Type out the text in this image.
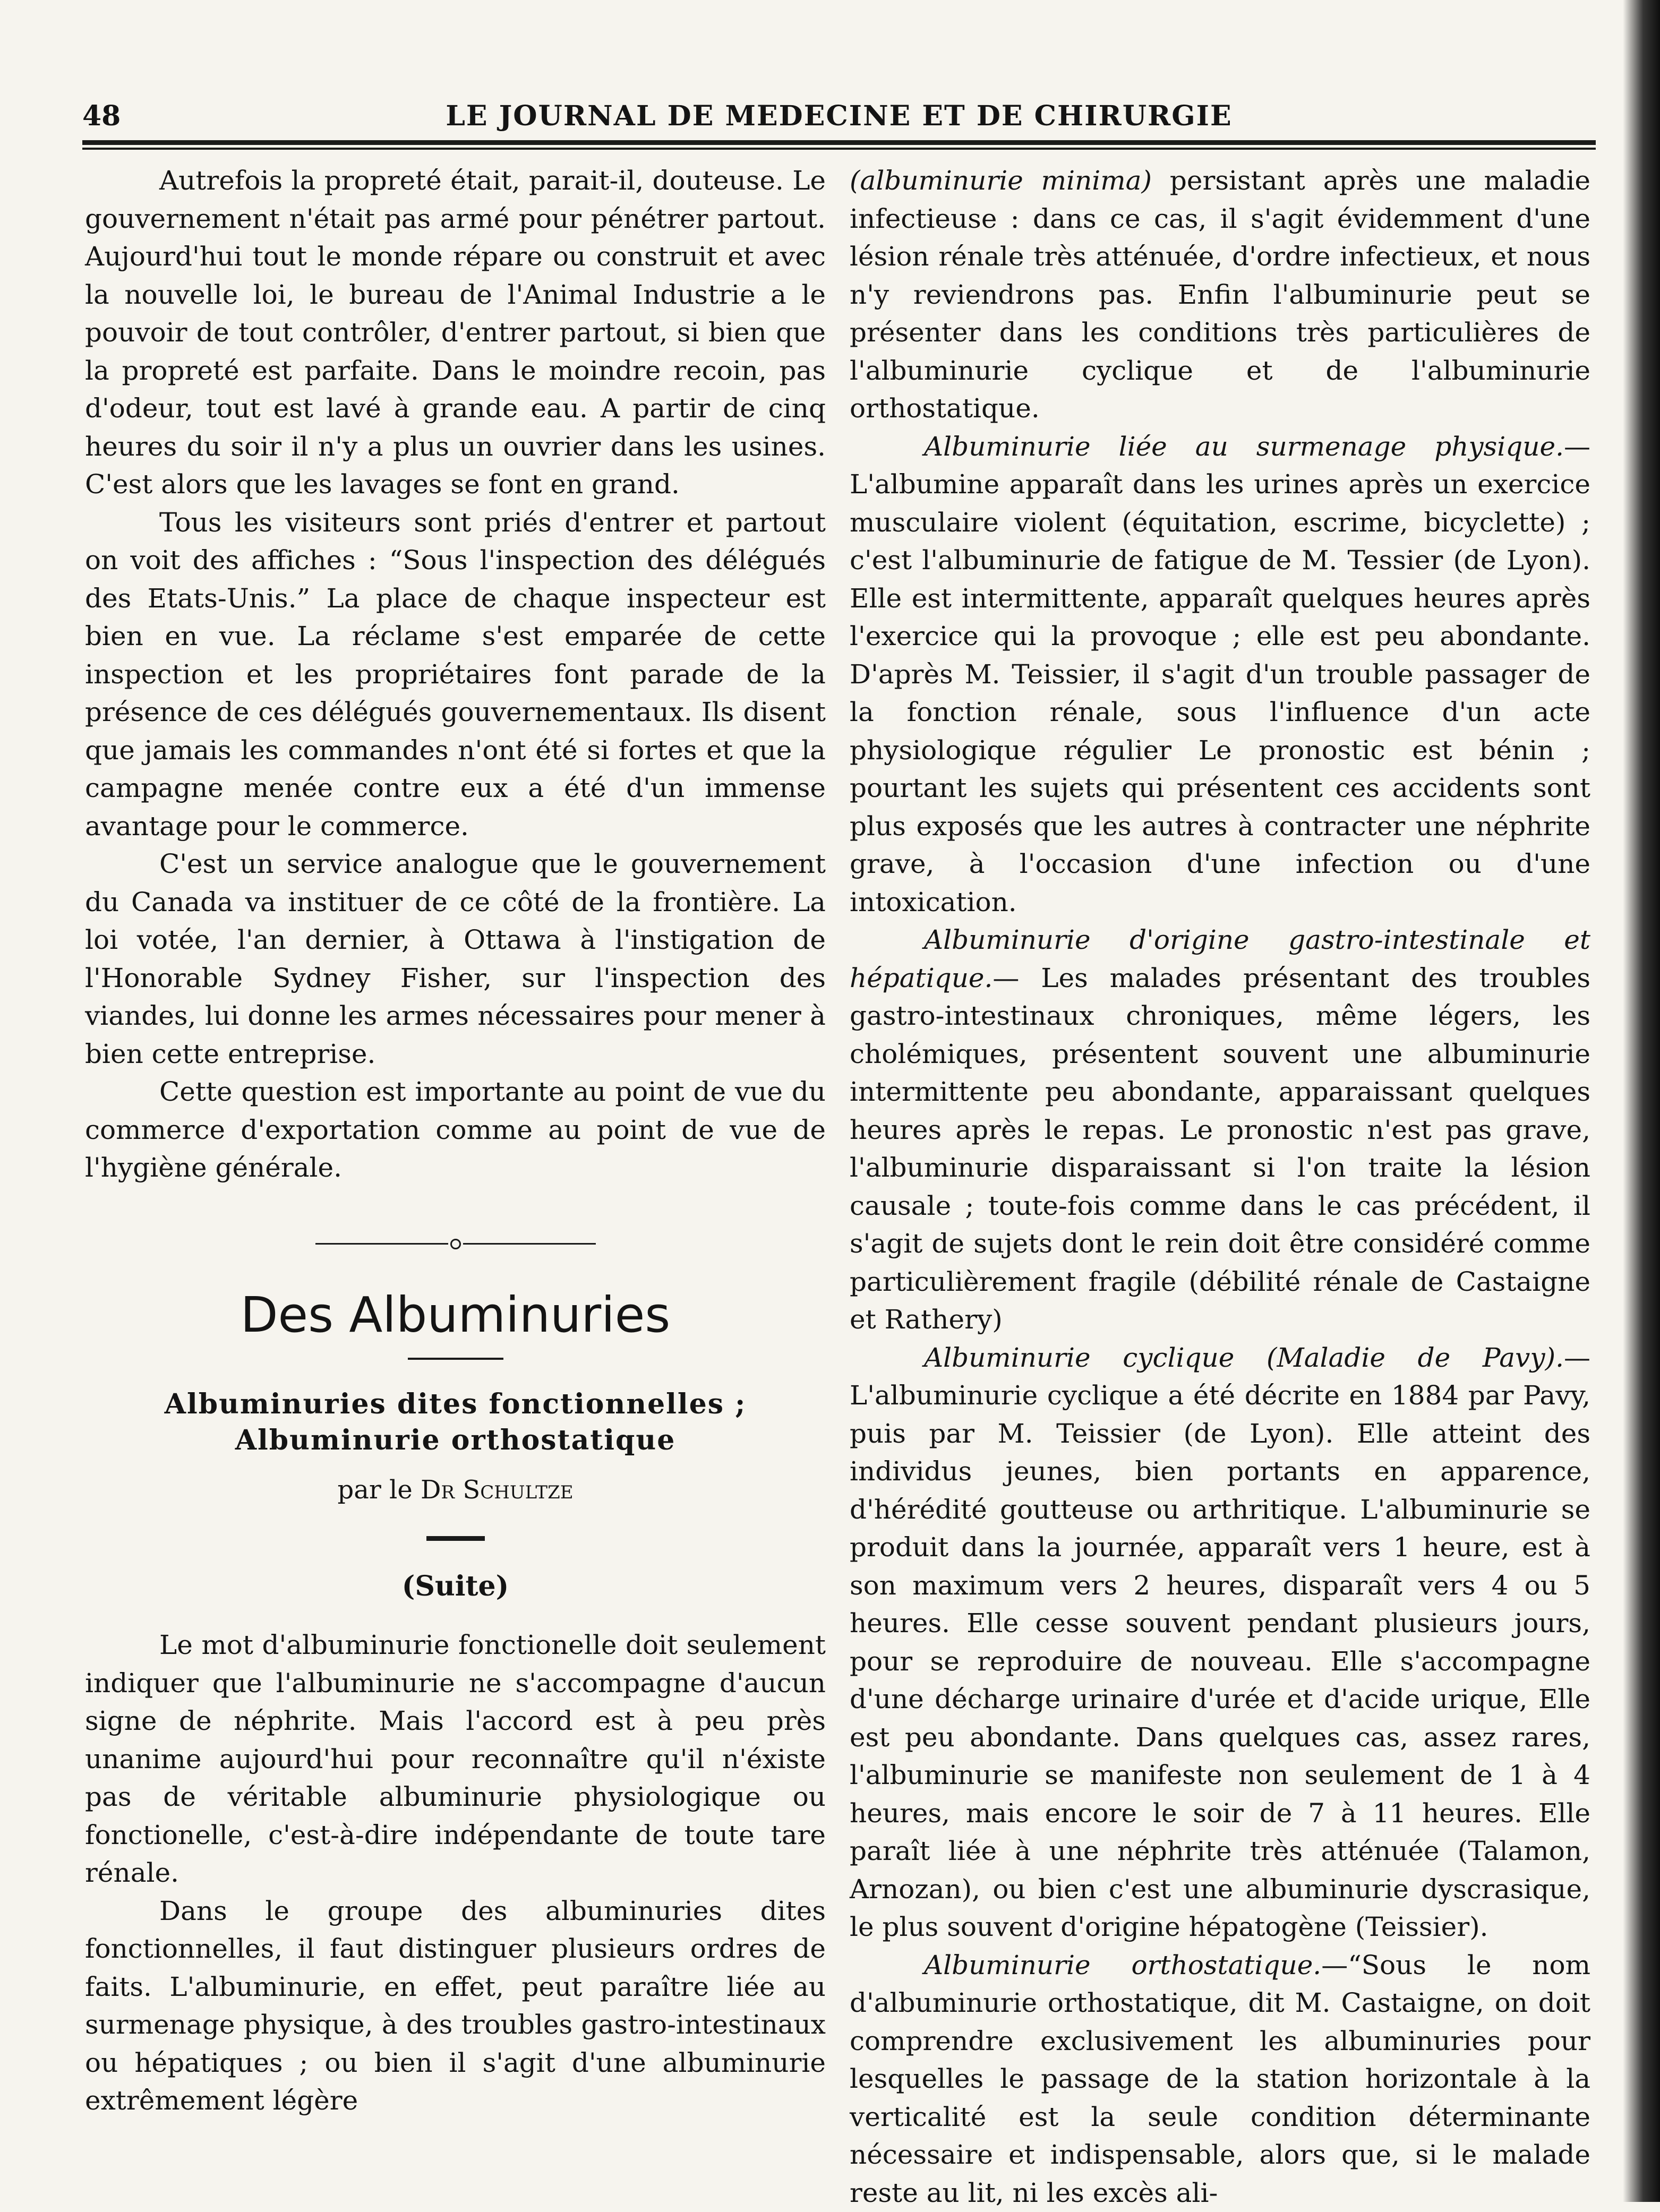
48	LE JOURNAL DE MEDECINE ET DE CHIRURGIE

Autrefois la propreté était, parait-il, douteuse. Le gouvernement n'était pas armé pour pénétrer partout. Aujourd'hui tout le monde répare ou construit et avec la nouvelle loi, le bureau de l'Animal Industrie a le pouvoir de tout contrôler, d'entrer partout, si bien que la propreté est parfaite. Dans le moindre recoin, pas d'odeur, tout est lavé à grande eau. A partir de cinq heures du soir il n'y a plus un ouvrier dans les usines. C'est alors que les lavages se font en grand.

Tous les visiteurs sont priés d'entrer et partout on voit des affiches : “Sous l'inspection des délégués des Etats-Unis.” La place de chaque inspecteur est bien en vue. La réclame s'est emparée de cette inspection et les propriétaires font parade de la présence de ces délégués gouvernementaux. Ils disent que jamais les commandes n'ont été si fortes et que la campagne menée contre eux a été d'un immense avantage pour le commerce.

C'est un service analogue que le gouvernement du Canada va instituer de ce côté de la frontière. La loi votée, l'an dernier, à Ottawa à l'instigation de l'Honorable Sydney Fisher, sur l'inspection des viandes, lui donne les armes nécessaires pour mener à bien cette entreprise.

Cette question est importante au point de vue du commerce d'exportation comme au point de vue de l'hygiène générale.

Des Albuminuries
Albuminuries dites fonctionnelles ;
Albuminurie orthostatique
par le Dr Schultze
(Suite)

Le mot d'albuminurie fonctionelle doit seulement indiquer que l'albuminurie ne s'accompagne d'aucun signe de néphrite. Mais l'accord est à peu près unanime aujourd'hui pour reconnaître qu'il n'éxiste pas de véritable albuminurie physiologique ou fonctionelle, c'est-à-dire indépendante de toute tare rénale.

Dans le groupe des albuminuries dites fonctionnelles, il faut distinguer plusieurs ordres de faits. L'albuminurie, en effet, peut paraître liée au surmenage physique, à des troubles gastro-intestinaux ou hépatiques ; ou bien il s'agit d'une albuminurie extrêmement légère

(albuminurie minima) persistant après une maladie infectieuse : dans ce cas, il s'agit évidemment d'une lésion rénale très atténuée, d'ordre infectieux, et nous n'y reviendrons pas. Enfin l'albuminurie peut se présenter dans les conditions très particulières de l'albuminurie cyclique et de l'albuminurie orthostatique.

Albuminurie liée au surmenage physique.—L'albumine apparaît dans les urines après un exercice musculaire violent (équitation, escrime, bicyclette) ; c'est l'albuminurie de fatigue de M. Tessier (de Lyon). Elle est intermittente, apparaît quelques heures après l'exercice qui la provoque ; elle est peu abondante. D'après M. Teissier, il s'agit d'un trouble passager de la fonction rénale, sous l'influence d'un acte physiologique régulier Le pronostic est bénin ; pourtant les sujets qui présentent ces accidents sont plus exposés que les autres à contracter une néphrite grave, à l'occasion d'une infection ou d'une intoxication.

Albuminurie d'origine gastro-intestinale et hépatique.— Les malades présentant des troubles gastro-intestinaux chroniques, même légers, les cholémiques, présentent souvent une albuminurie intermittente peu abondante, apparaissant quelques heures après le repas. Le pronostic n'est pas grave, l'albuminurie disparaissant si l'on traite la lésion causale ; toute-fois comme dans le cas précédent, il s'agit de sujets dont le rein doit être considéré comme particulièrement fragile (débilité rénale de Castaigne et Rathery)

Albuminurie cyclique (Maladie de Pavy).—L'albuminurie cyclique a été décrite en 1884 par Pavy, puis par M. Teissier (de Lyon). Elle atteint des individus jeunes, bien portants en apparence, d'hérédité goutteuse ou arthritique. L'albuminurie se produit dans la journée, apparaît vers 1 heure, est à son maximum vers 2 heures, disparaît vers 4 ou 5 heures. Elle cesse souvent pendant plusieurs jours, pour se reproduire de nouveau. Elle s'accompagne d'une décharge urinaire d'urée et d'acide urique, Elle est peu abondante. Dans quelques cas, assez rares, l'albuminurie se manifeste non seulement de 1 à 4 heures, mais encore le soir de 7 à 11 heures. Elle paraît liée à une néphrite très atténuée (Talamon, Arnozan), ou bien c'est une albuminurie dyscrasique, le plus souvent d'origine hépatogène (Teissier).

Albuminurie orthostatique.—“Sous le nom d'albuminurie orthostatique, dit M. Castaigne, on doit comprendre exclusivement les albuminuries pour lesquelles le passage de la station horizontale à la verticalité est la seule condition déterminante nécessaire et indispensable, alors que, si le malade reste au lit, ni les excès ali-
